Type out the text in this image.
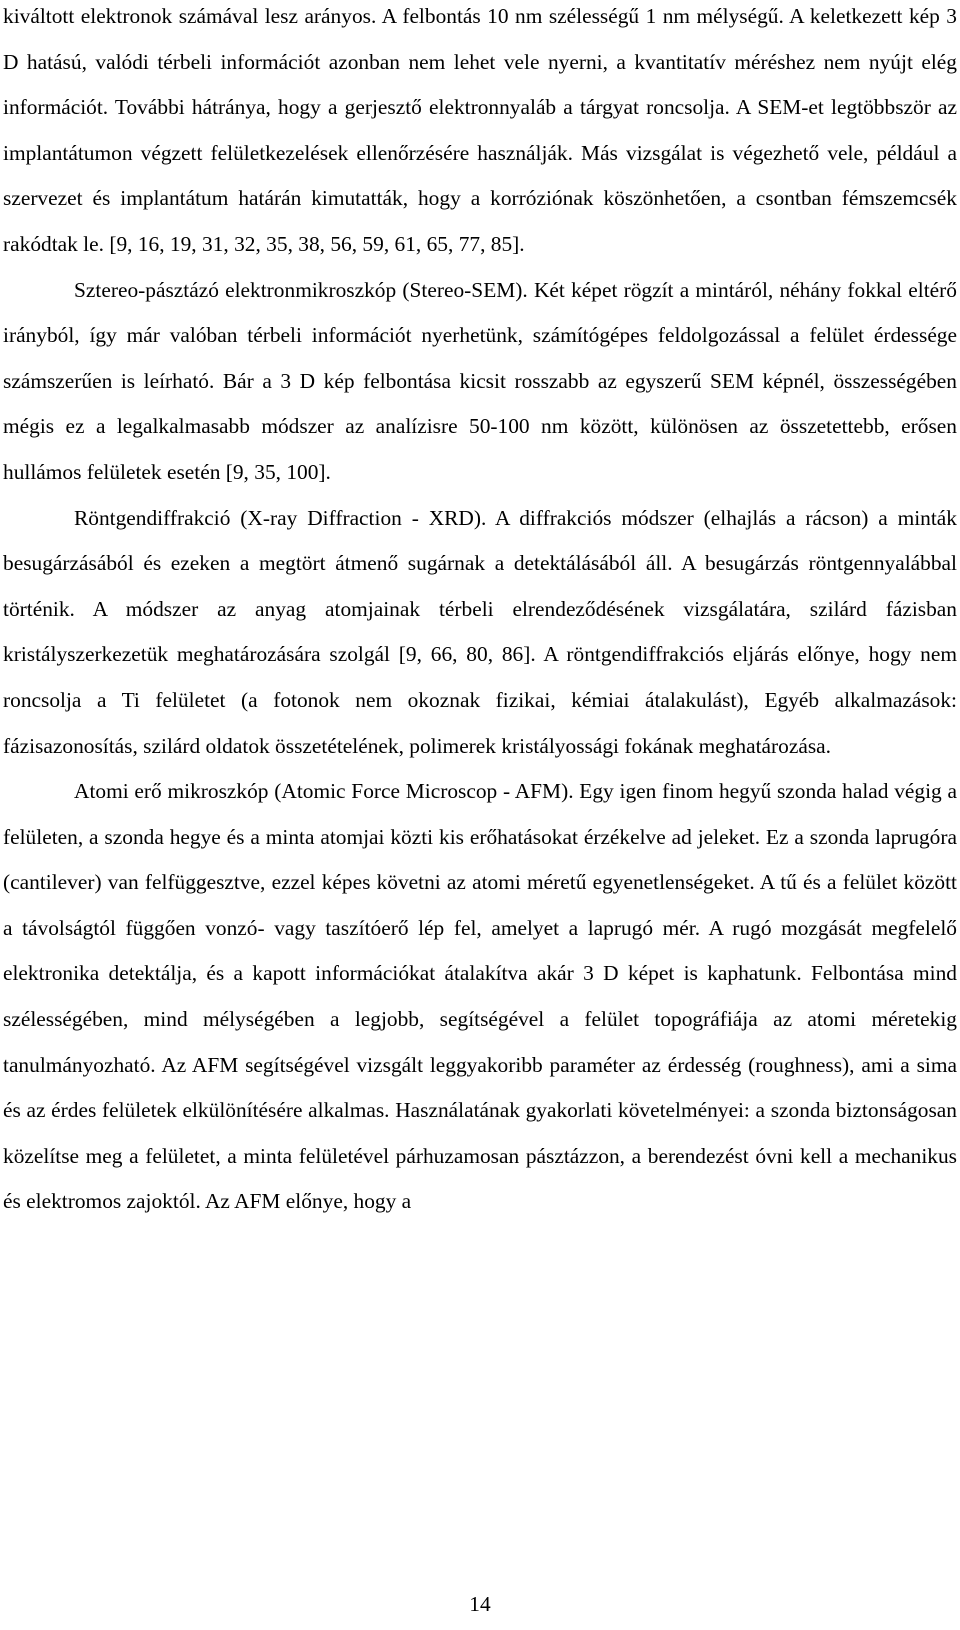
kiváltott elektronok számával lesz arányos. A felbontás 10 nm szélességű 1 nm mélységű. A keletkezett kép 3 D hatású, valódi térbeli információt azonban nem lehet vele nyerni, a kvantitatív méréshez nem nyújt elég információt. További hátránya, hogy a gerjesztő elektronnyaláb a tárgyat roncsolja. A SEM-et legtöbbször az implantátumon végzett felületkezelések ellenőrzésére használják. Más vizsgálat is végezhető vele, például a szervezet és implantátum határán kimutatták, hogy a korróziónak köszönhetően, a csontban fémszemcsék rakódtak le. [9, 16, 19, 31, 32, 35, 38, 56, 59, 61, 65, 77, 85].

Sztereo-pásztázó elektronmikroszkóp (Stereo-SEM). Két képet rögzít a mintáról, néhány fokkal eltérő irányból, így már valóban térbeli információt nyerhetünk, számítógépes feldolgozással a felület érdessége számszerűen is leírható. Bár a 3 D kép felbontása kicsit rosszabb az egyszerű SEM képnél, összességében mégis ez a legalkalmasabb módszer az analízisre 50-100 nm között, különösen az összetettebb, erősen hullámos felületek esetén [9, 35, 100].

Röntgendiffrakció (X-ray Diffraction - XRD). A diffrakciós módszer (elhajlás a rácson) a minták besugárzásából és ezeken a megtört átmenő sugárnak a detektálásából áll. A besugárzás röntgennyalábbal történik. A módszer az anyag atomjainak térbeli elrendeződésének vizsgálatára, szilárd fázisban kristályszerkezetük meghatározására szolgál [9, 66, 80, 86]. A röntgendiffrakciós eljárás előnye, hogy nem roncsolja a Ti felületet (a fotonok nem okoznak fizikai, kémiai átalakulást), Egyéb alkalmazások: fázisazonosítás, szilárd oldatok összetételének, polimerek kristályossági fokának meghatározása.

Atomi erő mikroszkóp (Atomic Force Microscop - AFM). Egy igen finom hegyű szonda halad végig a felületen, a szonda hegye és a minta atomjai közti kis erőhatásokat érzékelve ad jeleket. Ez a szonda laprugóra (cantilever) van felfüggesztve, ezzel képes követni az atomi méretű egyenetlenségeket. A tű és a felület között a távolságtól függően vonzó- vagy taszítóerő lép fel, amelyet a laprugó mér. A rugó mozgását megfelelő elektronika detektálja, és a kapott információkat átalakítva akár 3 D képet is kaphatunk. Felbontása mind szélességében, mind mélységében a legjobb, segítségével a felület topográfiája az atomi méretekig tanulmányozható. Az AFM segítségével vizsgált leggyakoribb paraméter az érdesség (roughness), ami a sima és az érdes felületek elkülönítésére alkalmas. Használatának gyakorlati követelményei: a szonda biztonságosan közelítse meg a felületet, a minta felületével párhuzamosan pásztázzon, a berendezést óvni kell a mechanikus és elektromos zajoktól. Az AFM előnye, hogy a

14
